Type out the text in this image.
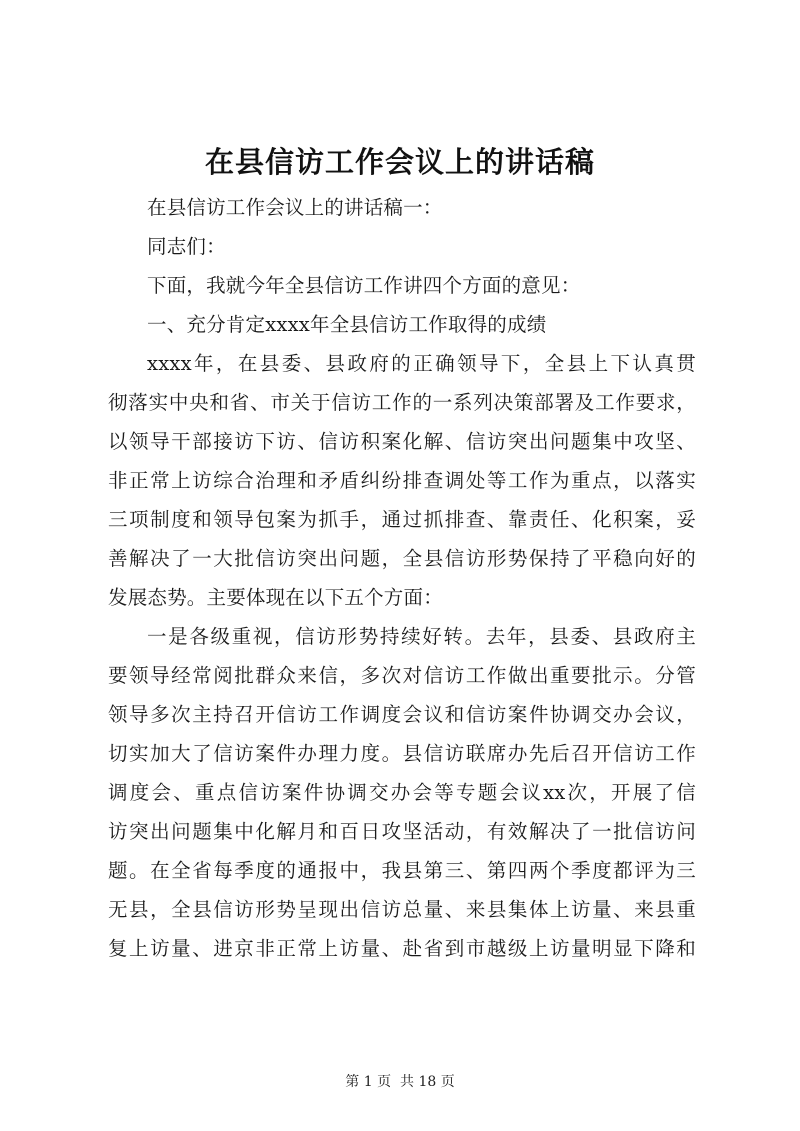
在县信访工作会议上的讲话稿
在县信访工作会议上的讲话稿一：
同志们：
下面，我就今年全县信访工作讲四个方面的意见：
一、充分肯定xxxx年全县信访工作取得的成绩
xxxx年，在县委、县政府的正确领导下，全县上下认真贯
彻落实中央和省、市关于信访工作的一系列决策部署及工作要求，
以领导干部接访下访、信访积案化解、信访突出问题集中攻坚、
非正常上访综合治理和矛盾纠纷排查调处等工作为重点，以落实
三项制度和领导包案为抓手，通过抓排查、靠责任、化积案，妥
善解决了一大批信访突出问题，全县信访形势保持了平稳向好的
发展态势。主要体现在以下五个方面：
一是各级重视，信访形势持续好转。去年，县委、县政府主
要领导经常阅批群众来信，多次对信访工作做出重要批示。分管
领导多次主持召开信访工作调度会议和信访案件协调交办会议，
切实加大了信访案件办理力度。县信访联席办先后召开信访工作
调度会、重点信访案件协调交办会等专题会议xx次，开展了信
访突出问题集中化解月和百日攻坚活动，有效解决了一批信访问
题。在全省每季度的通报中，我县第三、第四两个季度都评为三
无县，全县信访形势呈现出信访总量、来县集体上访量、来县重
复上访量、进京非正常上访量、赴省到市越级上访量明显下降和
第 1 页  共 18 页
